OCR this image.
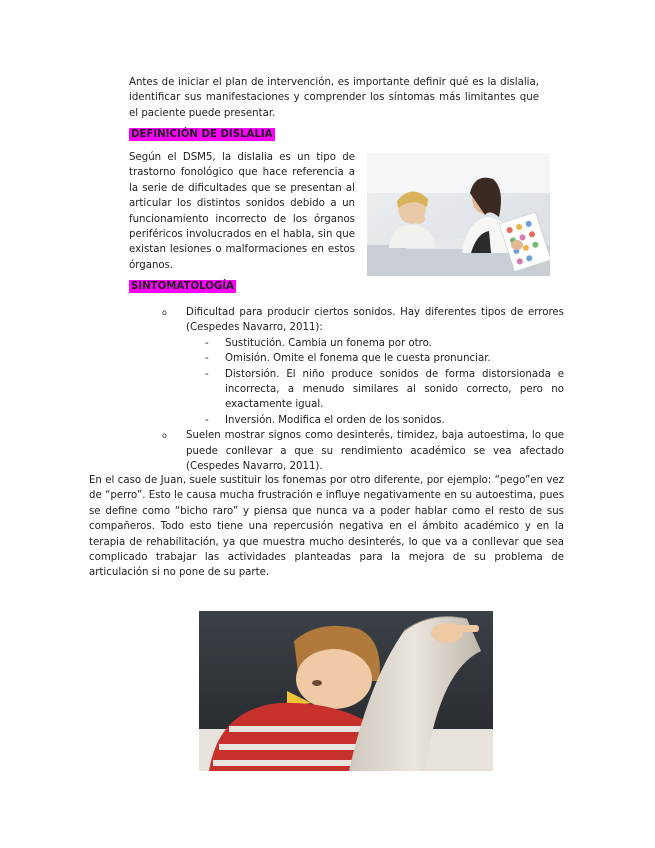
Antes de iniciar el plan de intervención, es importante definir qué es la dislalia, identificar sus manifestaciones y comprender los síntomas más limitantes que el paciente puede presentar.

DEFINICIÓN DE DISLALIA

Según el DSM5, la dislalia es un tipo de trastorno fonológico que hace referencia a la serie de dificultades que se presentan al articular los distintos sonidos debido a un funcionamiento incorrecto de los órganos periféricos involucrados en el habla, sin que existan lesiones o malformaciones en estos órganos.

SINTOMATOLOGÍA
o Dificultad para producir ciertos sonidos. Hay diferentes tipos de errores (Cespedes Navarro, 2011):
- Sustitución. Cambia un fonema por otro.
- Omisión. Omite el fonema que le cuesta pronunciar.
- Distorsión. El niño produce sonidos de forma distorsionada e incorrecta, a menudo similares al sonido correcto, pero no exactamente igual.
- Inversión. Modifica el orden de los sonidos.
o Suelen mostrar signos como desinterés, timidez, baja autoestima, lo que puede conllevar a que su rendimiento académico se vea afectado (Cespedes Navarro, 2011).

En el caso de Juan, suele sustituir los fonemas por otro diferente, por ejemplo: “pego”en vez de “perro”. Esto le causa mucha frustración e influye negativamente en su autoestima, pues se define como “bicho raro” y piensa que nunca va a poder hablar como el resto de sus compañeros. Todo esto tiene una repercusión negativa en el ámbito académico y en la terapia de rehabilitación, ya que muestra mucho desinterés, lo que va a conllevar que sea complicado trabajar las actividades planteadas para la mejora de su problema de articulación si no pone de su parte.
